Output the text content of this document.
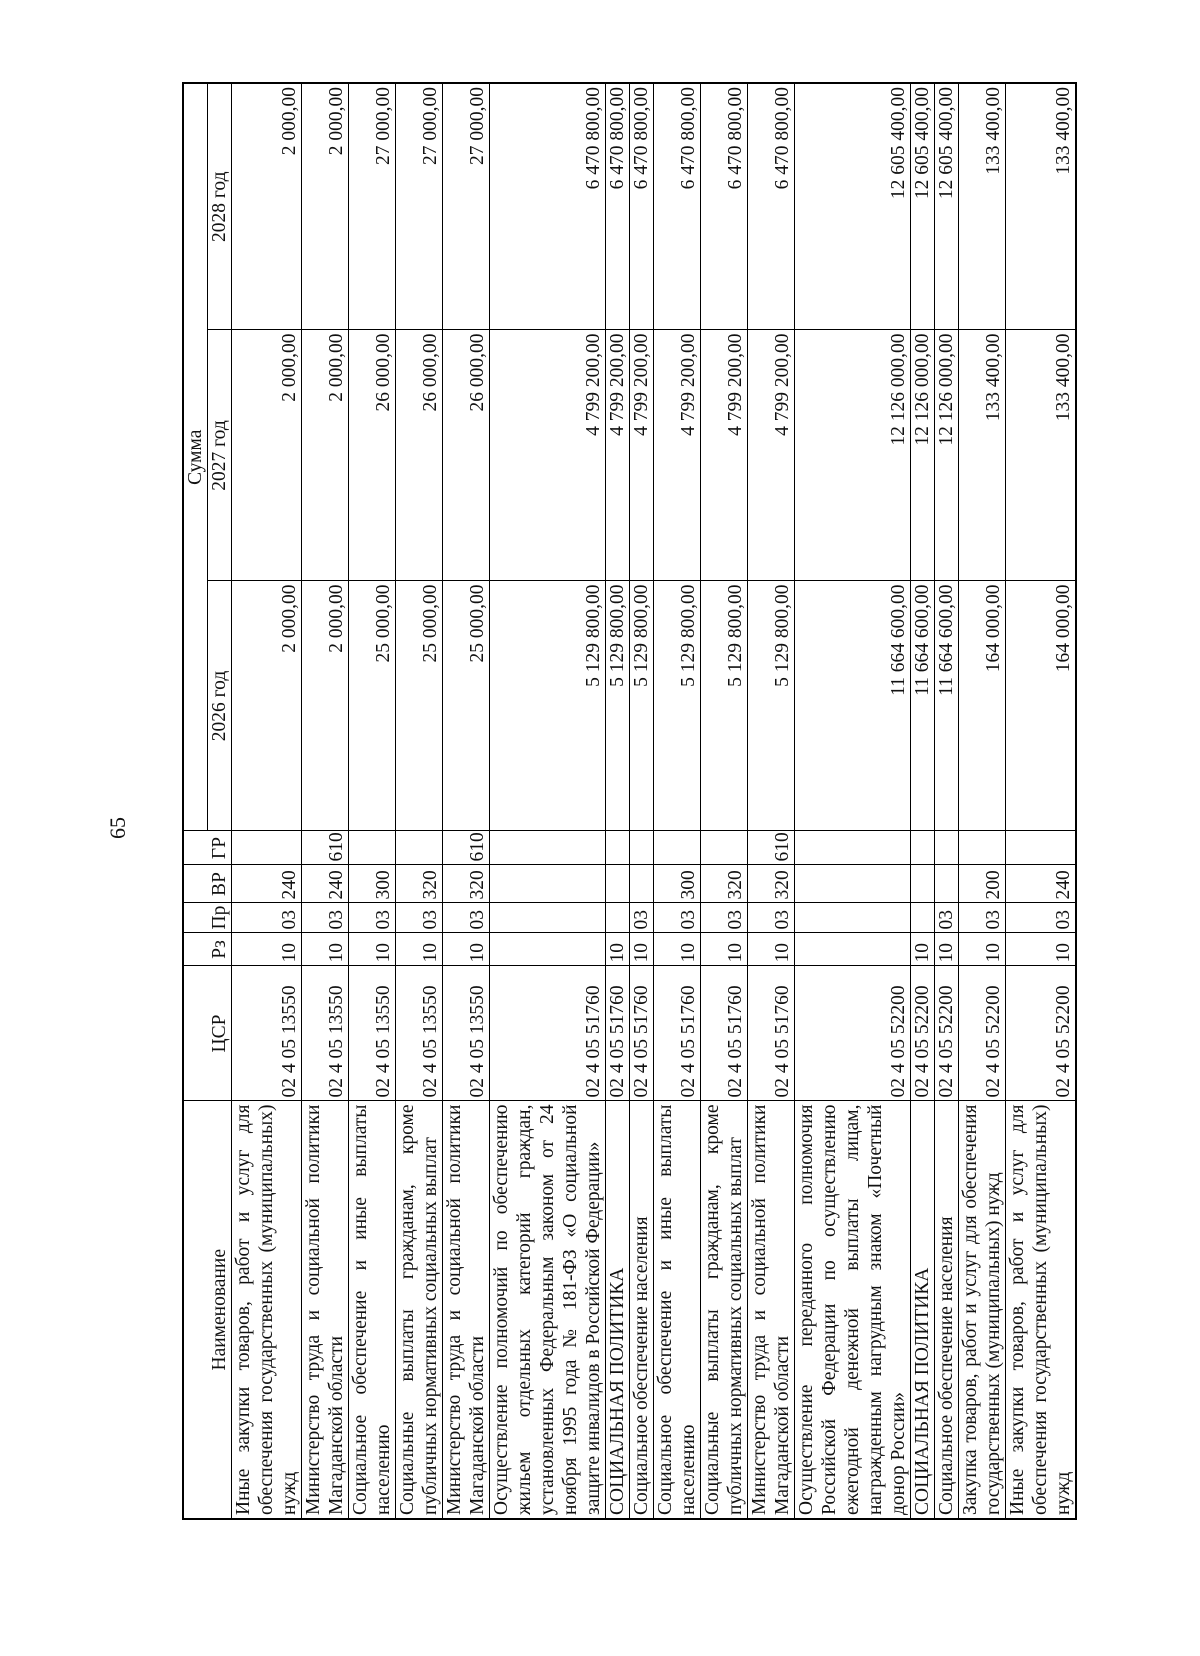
65
Наименование	ЦСР	Рз	Пр	ВР	ГР	Сумма		
						2026 год	2027 год	2028 год
Иные закупки товаров, работ и услуг для обеспечения государственных (муниципальных) нужд	02 4 05 13550	10	03	240		2 000,00	2 000,00	2 000,00
Министерство труда и социальной политики Магаданской области	02 4 05 13550	10	03	240	610	2 000,00	2 000,00	2 000,00
Социальное обеспечение и иные выплаты населению	02 4 05 13550	10	03	300		25 000,00	26 000,00	27 000,00
Социальные выплаты гражданам, кроме публичных нормативных социальных выплат	02 4 05 13550	10	03	320		25 000,00	26 000,00	27 000,00
Министерство труда и социальной политики Магаданской области	02 4 05 13550	10	03	320	610	25 000,00	26 000,00	27 000,00
Осуществление полномочий по обеспечению жильем отдельных категорий граждан, установленных Федеральным законом от 24 ноября 1995 года № 181-ФЗ «О социальной защите инвалидов в Российской Федерации»	02 4 05 51760					5 129 800,00	4 799 200,00	6 470 800,00
СОЦИАЛЬНАЯ ПОЛИТИКА	02 4 05 51760	10				5 129 800,00	4 799 200,00	6 470 800,00
Социальное обеспечение населения	02 4 05 51760	10	03			5 129 800,00	4 799 200,00	6 470 800,00
Социальное обеспечение и иные выплаты населению	02 4 05 51760	10	03	300		5 129 800,00	4 799 200,00	6 470 800,00
Социальные выплаты гражданам, кроме публичных нормативных социальных выплат	02 4 05 51760	10	03	320		5 129 800,00	4 799 200,00	6 470 800,00
Министерство труда и социальной политики Магаданской области	02 4 05 51760	10	03	320	610	5 129 800,00	4 799 200,00	6 470 800,00
Осуществление переданного полномочия Российской Федерации по осуществлению ежегодной денежной выплаты лицам, награжденным нагрудным знаком «Почетный донор России»	02 4 05 52200					11 664 600,00	12 126 000,00	12 605 400,00
СОЦИАЛЬНАЯ ПОЛИТИКА	02 4 05 52200	10				11 664 600,00	12 126 000,00	12 605 400,00
Социальное обеспечение населения	02 4 05 52200	10	03			11 664 600,00	12 126 000,00	12 605 400,00
Закупка товаров, работ и услуг для обеспечения государственных (муниципальных) нужд	02 4 05 52200	10	03	200		164 000,00	133 400,00	133 400,00
Иные закупки товаров, работ и услуг для обеспечения государственных (муниципальных) нужд	02 4 05 52200	10	03	240		164 000,00	133 400,00	133 400,00
